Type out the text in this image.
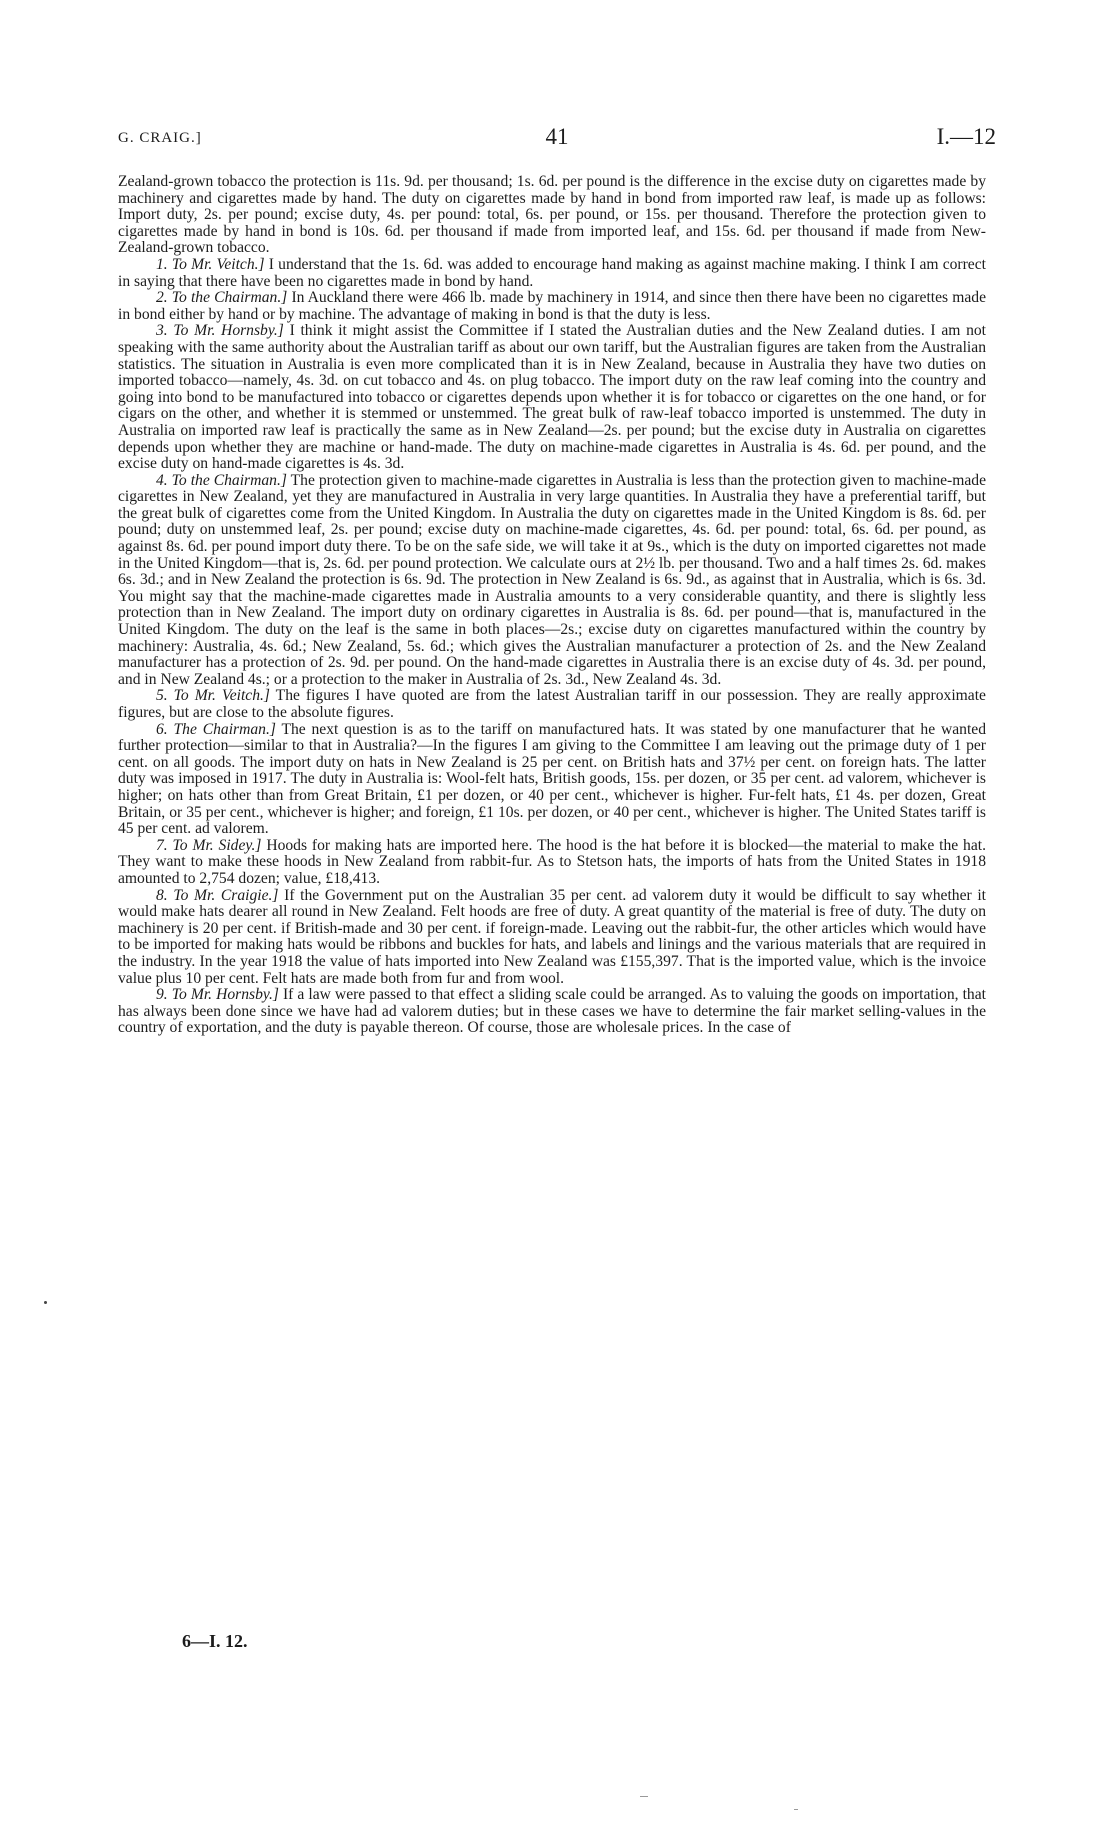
G. CRAIG.]	41	I.—12

Zealand-grown tobacco the protection is 11s. 9d. per thousand; 1s. 6d. per pound is the difference in the excise duty on cigarettes made by machinery and cigarettes made by hand. The duty on cigarettes made by hand in bond from imported raw leaf, is made up as follows: Import duty, 2s. per pound; excise duty, 4s. per pound: total, 6s. per pound, or 15s. per thousand. Therefore the protection given to cigarettes made by hand in bond is 10s. 6d. per thousand if made from imported leaf, and 15s. 6d. per thousand if made from New-Zealand-grown tobacco.

1. To Mr. Veitch.] I understand that the 1s. 6d. was added to encourage hand making as against machine making. I think I am correct in saying that there have been no cigarettes made in bond by hand.

2. To the Chairman.] In Auckland there were 466 lb. made by machinery in 1914, and since then there have been no cigarettes made in bond either by hand or by machine. The advantage of making in bond is that the duty is less.

3. To Mr. Hornsby.] I think it might assist the Committee if I stated the Australian duties and the New Zealand duties. I am not speaking with the same authority about the Australian tariff as about our own tariff, but the Australian figures are taken from the Australian statistics. The situation in Australia is even more complicated than it is in New Zealand, because in Australia they have two duties on imported tobacco—namely, 4s. 3d. on cut tobacco and 4s. on plug tobacco. The import duty on the raw leaf coming into the country and going into bond to be manufactured into tobacco or cigarettes depends upon whether it is for tobacco or cigarettes on the one hand, or for cigars on the other, and whether it is stemmed or unstemmed. The great bulk of raw-leaf tobacco imported is unstemmed. The duty in Australia on imported raw leaf is practically the same as in New Zealand—2s. per pound; but the excise duty in Australia on cigarettes depends upon whether they are machine or hand-made. The duty on machine-made cigarettes in Australia is 4s. 6d. per pound, and the excise duty on hand-made cigarettes is 4s. 3d.

4. To the Chairman.] The protection given to machine-made cigarettes in Australia is less than the protection given to machine-made cigarettes in New Zealand, yet they are manufactured in Australia in very large quantities. In Australia they have a preferential tariff, but the great bulk of cigarettes come from the United Kingdom. In Australia the duty on cigarettes made in the United Kingdom is 8s. 6d. per pound; duty on unstemmed leaf, 2s. per pound; excise duty on machine-made cigarettes, 4s. 6d. per pound: total, 6s. 6d. per pound, as against 8s. 6d. per pound import duty there. To be on the safe side, we will take it at 9s., which is the duty on imported cigarettes not made in the United Kingdom—that is, 2s. 6d. per pound protection. We calculate ours at 2½ lb. per thousand. Two and a half times 2s. 6d. makes 6s. 3d.; and in New Zealand the protection is 6s. 9d. The protection in New Zealand is 6s. 9d., as against that in Australia, which is 6s. 3d. You might say that the machine-made cigarettes made in Australia amounts to a very considerable quantity, and there is slightly less protection than in New Zealand. The import duty on ordinary cigarettes in Australia is 8s. 6d. per pound—that is, manufactured in the United Kingdom. The duty on the leaf is the same in both places—2s.; excise duty on cigarettes manufactured within the country by machinery: Australia, 4s. 6d.; New Zealand, 5s. 6d.; which gives the Australian manufacturer a protection of 2s. and the New Zealand manufacturer has a protection of 2s. 9d. per pound. On the hand-made cigarettes in Australia there is an excise duty of 4s. 3d. per pound, and in New Zealand 4s.; or a protection to the maker in Australia of 2s. 3d., New Zealand 4s. 3d.

5. To Mr. Veitch.] The figures I have quoted are from the latest Australian tariff in our possession. They are really approximate figures, but are close to the absolute figures.

6. The Chairman.] The next question is as to the tariff on manufactured hats. It was stated by one manufacturer that he wanted further protection—similar to that in Australia?—In the figures I am giving to the Committee I am leaving out the primage duty of 1 per cent. on all goods. The import duty on hats in New Zealand is 25 per cent. on British hats and 37½ per cent. on foreign hats. The latter duty was imposed in 1917. The duty in Australia is: Wool-felt hats, British goods, 15s. per dozen, or 35 per cent. ad valorem, whichever is higher; on hats other than from Great Britain, £1 per dozen, or 40 per cent., whichever is higher. Fur-felt hats, £1 4s. per dozen, Great Britain, or 35 per cent., whichever is higher; and foreign, £1 10s. per dozen, or 40 per cent., whichever is higher. The United States tariff is 45 per cent. ad valorem.

7. To Mr. Sidey.] Hoods for making hats are imported here. The hood is the hat before it is blocked—the material to make the hat. They want to make these hoods in New Zealand from rabbit-fur. As to Stetson hats, the imports of hats from the United States in 1918 amounted to 2,754 dozen; value, £18,413.

8. To Mr. Craigie.] If the Government put on the Australian 35 per cent. ad valorem duty it would be difficult to say whether it would make hats dearer all round in New Zealand. Felt hoods are free of duty. A great quantity of the material is free of duty. The duty on machinery is 20 per cent. if British-made and 30 per cent. if foreign-made. Leaving out the rabbit-fur, the other articles which would have to be imported for making hats would be ribbons and buckles for hats, and labels and linings and the various materials that are required in the industry. In the year 1918 the value of hats imported into New Zealand was £155,397. That is the imported value, which is the invoice value plus 10 per cent. Felt hats are made both from fur and from wool.

9. To Mr. Hornsby.] If a law were passed to that effect a sliding scale could be arranged. As to valuing the goods on importation, that has always been done since we have had ad valorem duties; but in these cases we have to determine the fair market selling-values in the country of exportation, and the duty is payable thereon. Of course, those are wholesale prices. In the case of

6—I. 12.
